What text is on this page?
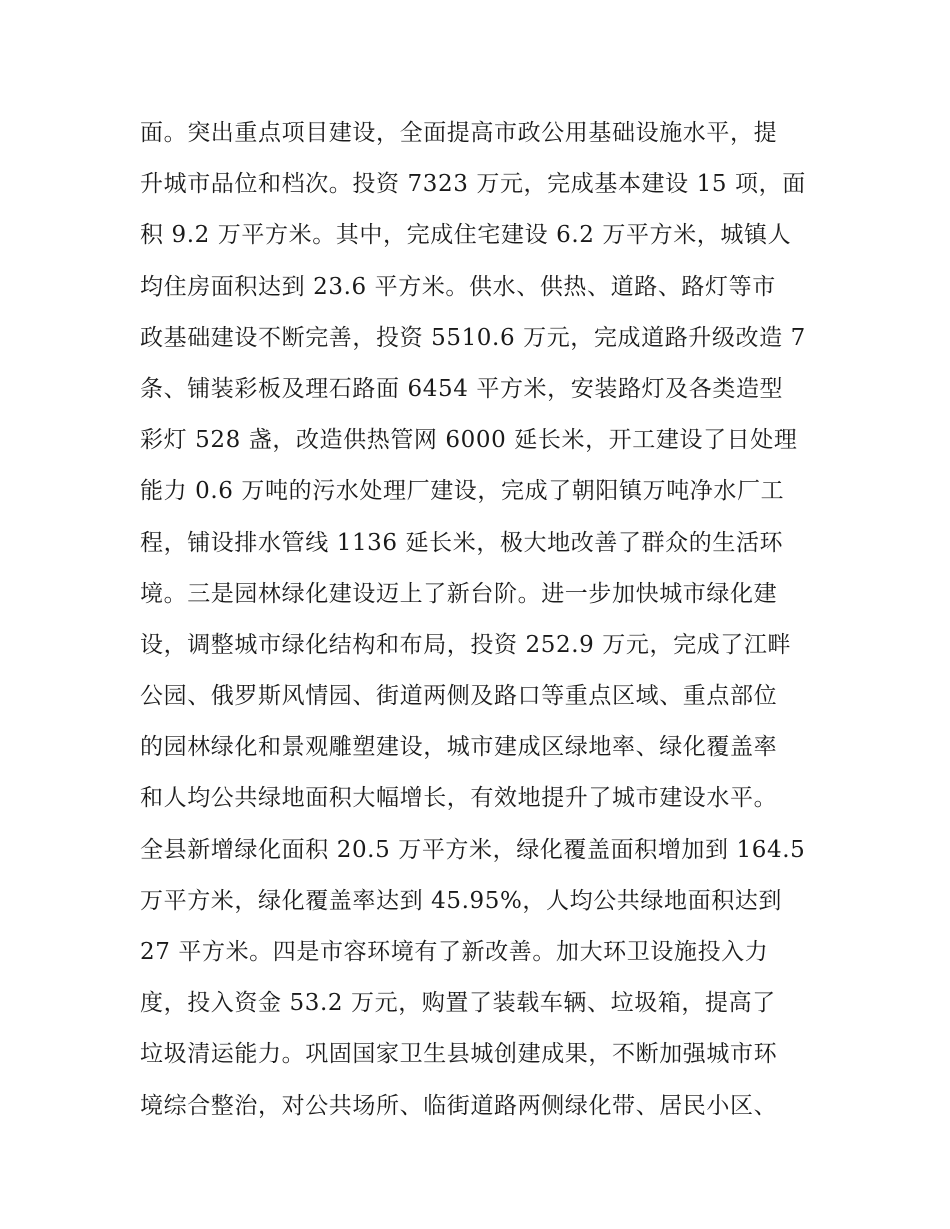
面。突出重点项目建设，全面提高市政公用基础设施水平，提
升城市品位和档次。投资 7323 万元，完成基本建设 15 项，面
积 9.2 万平方米。其中，完成住宅建设 6.2 万平方米，城镇人
均住房面积达到 23.6 平方米。供水、供热、道路、路灯等市
政基础建设不断完善，投资 5510.6 万元，完成道路升级改造 7
条、铺装彩板及理石路面 6454 平方米，安装路灯及各类造型
彩灯 528 盏，改造供热管网 6000 延长米，开工建设了日处理
能力 0.6 万吨的污水处理厂建设，完成了朝阳镇万吨净水厂工
程，铺设排水管线 1136 延长米，极大地改善了群众的生活环
境。三是园林绿化建设迈上了新台阶。进一步加快城市绿化建
设，调整城市绿化结构和布局，投资 252.9 万元，完成了江畔
公园、俄罗斯风情园、街道两侧及路口等重点区域、重点部位
的园林绿化和景观雕塑建设，城市建成区绿地率、绿化覆盖率
和人均公共绿地面积大幅增长，有效地提升了城市建设水平。
全县新增绿化面积 20.5 万平方米，绿化覆盖面积增加到 164.5
万平方米，绿化覆盖率达到 45.95%，人均公共绿地面积达到
27 平方米。四是市容环境有了新改善。加大环卫设施投入力
度，投入资金 53.2 万元，购置了装载车辆、垃圾箱，提高了
垃圾清运能力。巩固国家卫生县城创建成果，不断加强城市环
境综合整治，对公共场所、临街道路两侧绿化带、居民小区、
